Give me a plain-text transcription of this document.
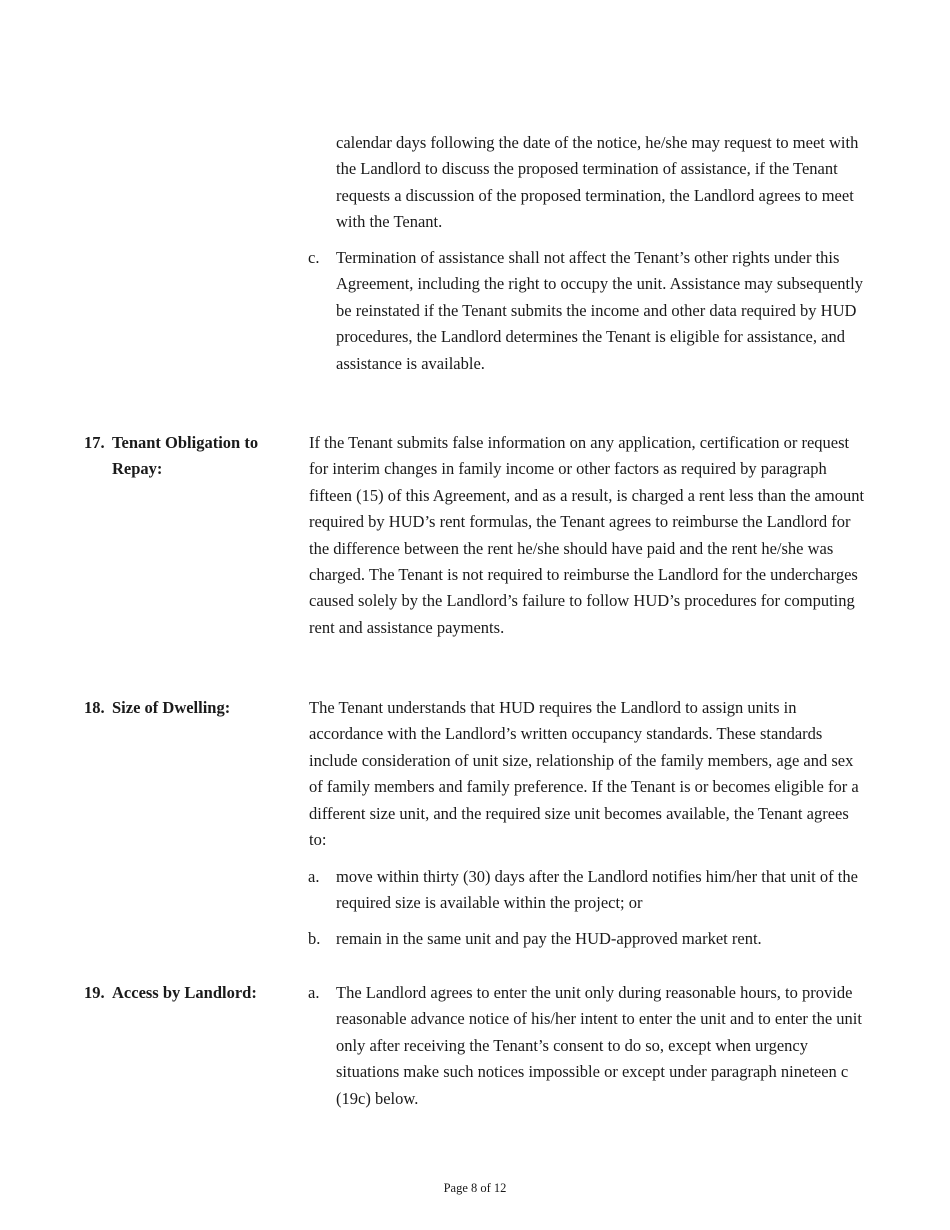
calendar days following the date of the notice, he/she may request to meet with the Landlord to discuss the proposed termination of assistance, if the Tenant requests a discussion of the proposed termination, the Landlord agrees to meet with the Tenant.

c. Termination of assistance shall not affect the Tenant’s other rights under this Agreement, including the right to occupy the unit. Assistance may subsequently be reinstated if the Tenant submits the income and other data required by HUD procedures, the Landlord determines the Tenant is eligible for assistance, and assistance is available.

17. Tenant Obligation to Repay:

If the Tenant submits false information on any application, certification or request for interim changes in family income or other factors as required by paragraph fifteen (15) of this Agreement, and as a result, is charged a rent less than the amount required by HUD’s rent formulas, the Tenant agrees to reimburse the Landlord for the difference between the rent he/she should have paid and the rent he/she was charged. The Tenant is not required to reimburse the Landlord for the undercharges caused solely by the Landlord’s failure to follow HUD’s procedures for computing rent and assistance payments.

18. Size of Dwelling:	The Tenant understands that HUD requires the Landlord to assign units in accordance with the Landlord’s written occupancy standards. These standards include consideration of unit size, relationship of the family members, age and sex of family members and family preference. If the Tenant is or becomes eligible for a different size unit, and the required size unit becomes available, the Tenant agrees to:

a. move within thirty (30) days after the Landlord notifies him/her that unit of the required size is available within the project; or

b. remain in the same unit and pay the HUD-approved market rent.

19. Access by Landlord:	a. The Landlord agrees to enter the unit only during reasonable hours, to provide reasonable advance notice of his/her intent to enter the unit and to enter the unit only after receiving the Tenant’s consent to do so, except when urgency situations make such notices impossible or except under paragraph nineteen c (19c) below.

Page 8 of 12
